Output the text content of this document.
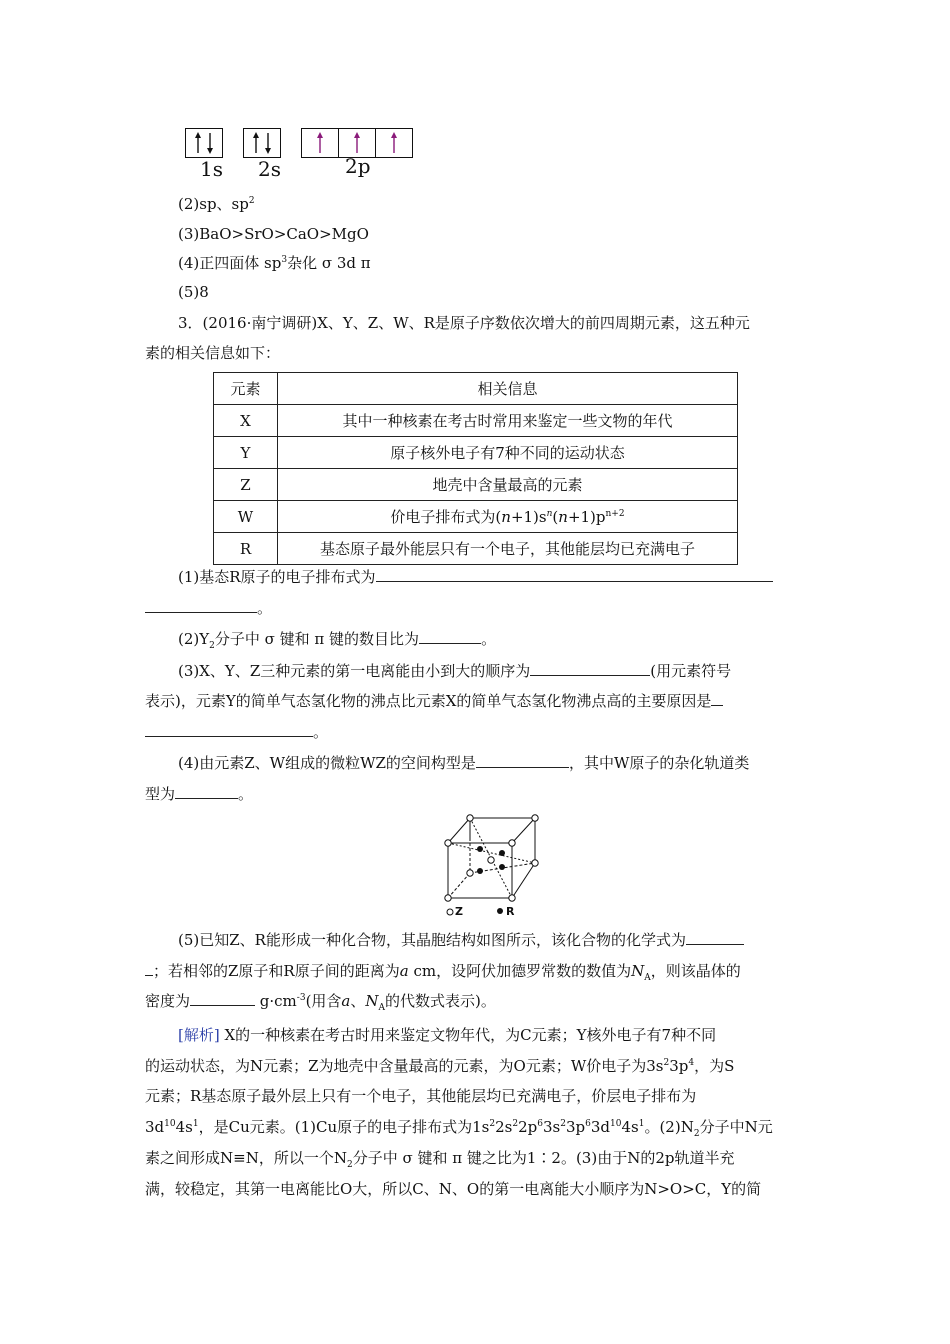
1s 2s	2p
(2)sp、$sp^2$
(3)BaO>SrO>CaO>MgO
(4)正四面体 $sp^3$杂化 σ 3d π
(5)8
3．(2016·南宁调研)X、Y、Z、W、R是原子序数依次增大的前四周期元素，这五种元
素的相关信息如下：
元素	相关信息
X	其中一种核素在考古时常用来鉴定一些文物的年代
Y	原子核外电子有7种不同的运动状态
Z	地壳中含量最高的元素
W	价电子排布式为$(n+1)s^n(n+1)p^{n+2}$
R	基态原子最外能层只有一个电子，其他能层均已充满电子
(1)基态R原子的电子排布式为
。
$(2)Y_2$分子中 σ 键和 π 键的数目比为	。
(3)X、Y、Z三种元素的第一电离能由小到大的顺序为	(用元素符号
表示)，元素Y的简单气态氢化物的沸点比元素X的简单气态氢化物沸点高的主要原因是
。
(4)由元素Z、W组成的微粒WZ的空间构型是	，其中W原子的杂化轨道类
型为	。
Z	R
(5)已知Z、R能形成一种化合物，其晶胞结构如图所示，该化合物的化学式为
；若相邻的Z原子和R原子间的距离为a cm，设阿伏加德罗常数的数值为$N_A$，则该晶体的
密度为	$g\cdot cm^{-3}$(用含a、$N_A$的代数式表示)。
[解析] X的一种核素在考古时用来鉴定文物年代，为C元素；Y核外电子有7种不同
的运动状态，为N元素；Z为地壳中含量最高的元素，为O元素；W价电子为$3s^23p^4$，为S
元素；R基态原子最外层上只有一个电子，其他能层均已充满电子，价层电子排布为
$3d^{10}4s^1$，是Cu元素。(1)Cu原子的电子排布式为$1s^22s^22p^63s^23p^63d^{10}4s^1$。$(2)N_2$分子中N元
素之间形成N≡N，所以一个$N_2$分子中 σ 键和 π 键之比为1∶2。(3)由于N的2p轨道半充
满，较稳定，其第一电离能比O大，所以C、N、O的第一电离能大小顺序为N>O>C，Y的简
